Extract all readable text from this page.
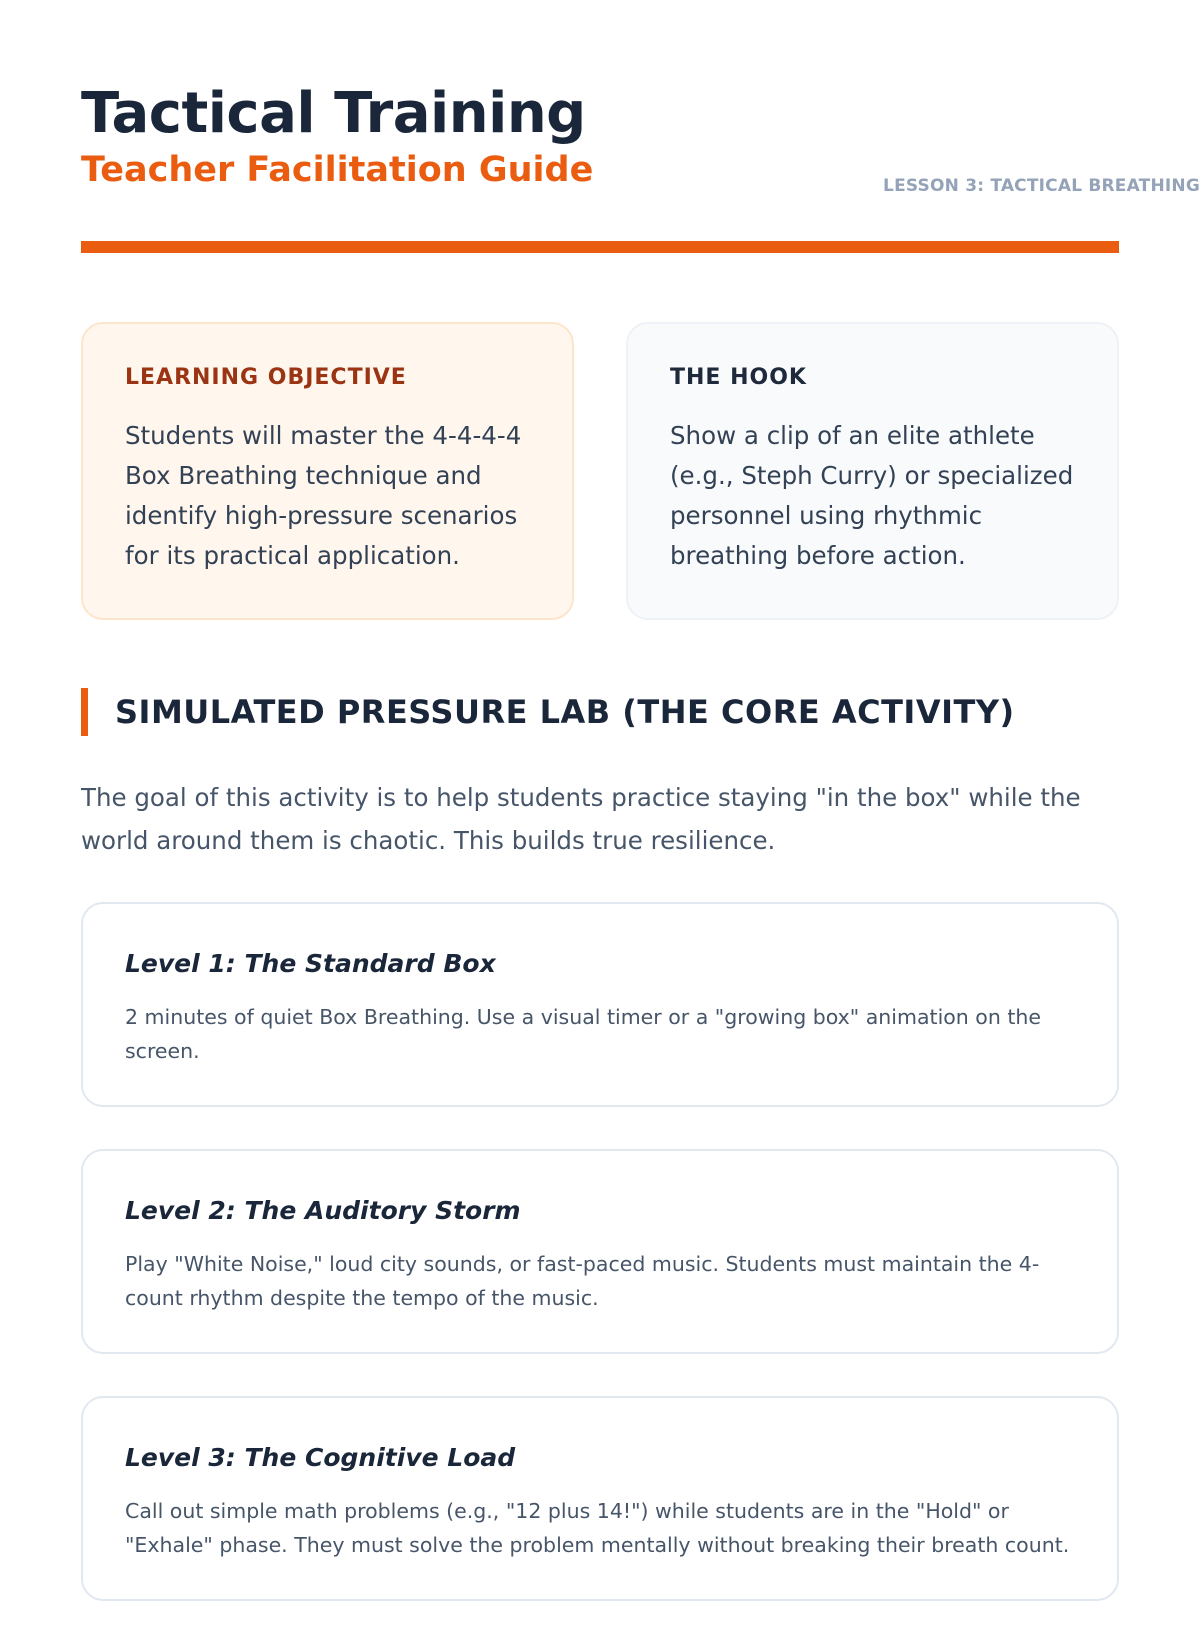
Tactical Training
Teacher Facilitation Guide	LESSON 3: TACTICAL BREATHING
LEARNING OBJECTIVE

Students will master the 4-4-4-4 Box Breathing technique and identify high-pressure scenarios for its practical application.

THE HOOK

Show a clip of an elite athlete (e.g., Steph Curry) or specialized personnel using rhythmic breathing before action.

SIMULATED PRESSURE LAB (THE CORE ACTIVITY)

The goal of this activity is to help students practice staying "in the box" while the world around them is chaotic. This builds true resilience.

Level 1: The Standard Box

2 minutes of quiet Box Breathing. Use a visual timer or a "growing box" animation on the screen.

Level 2: The Auditory Storm

Play "White Noise," loud city sounds, or fast-paced music. Students must maintain the 4-count rhythm despite the tempo of the music.

Level 3: The Cognitive Load

Call out simple math problems (e.g., "12 plus 14!") while students are in the "Hold" or "Exhale" phase. They must solve the problem mentally without breaking their breath count.
